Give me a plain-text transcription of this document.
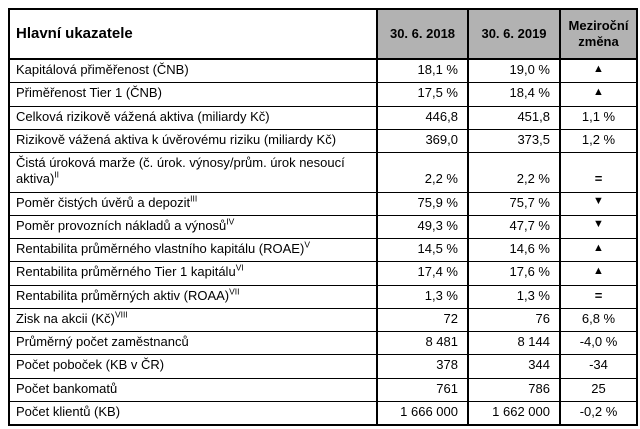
Hlavní ukazatele	30. 6. 2018	30. 6. 2019	Meziroční změna
Kapitálová přiměřenost (ČNB)	18,1 %	19,0 %	▲
Přiměřenost Tier 1 (ČNB)	17,5 %	18,4 %	▲
Celková rizikově vážená aktiva (miliardy Kč)	446,8	451,8	1,1 %
Rizikově vážená aktiva k úvěrovému riziku (miliardy Kč)	369,0	373,5	1,2 %
Čistá úroková marže (č. úrok. výnosy/prům. úrok nesoucí aktiva)$^{II}$	2,2 %	2,2 %	=
Poměr čistých úvěrů a depozit$^{III}$	75,9 %	75,7 %	▼
Poměr provozních nákladů a výnosů$^{IV}$	49,3 %	47,7 %	▼
Rentabilita průměrného vlastního kapitálu (ROAE)$^V$	14,5 %	14,6 %	▲
Rentabilita průměrného Tier 1 kapitálu$^{VI}$	17,4 %	17,6 %	▲
Rentabilita průměrných aktiv (ROAA)$^{VII}$	1,3 %	1,3 %	=
Zisk na akcii (Kč)$^{VIII}$	72	76	6,8 %
Průměrný počet zaměstnanců	8 481	8 144	-4,0 %
Počet poboček (KB v ČR)	378	344	-34
Počet bankomatů	761	786	25
Počet klientů (KB)	1 666 000	1 662 000	-0,2 %
